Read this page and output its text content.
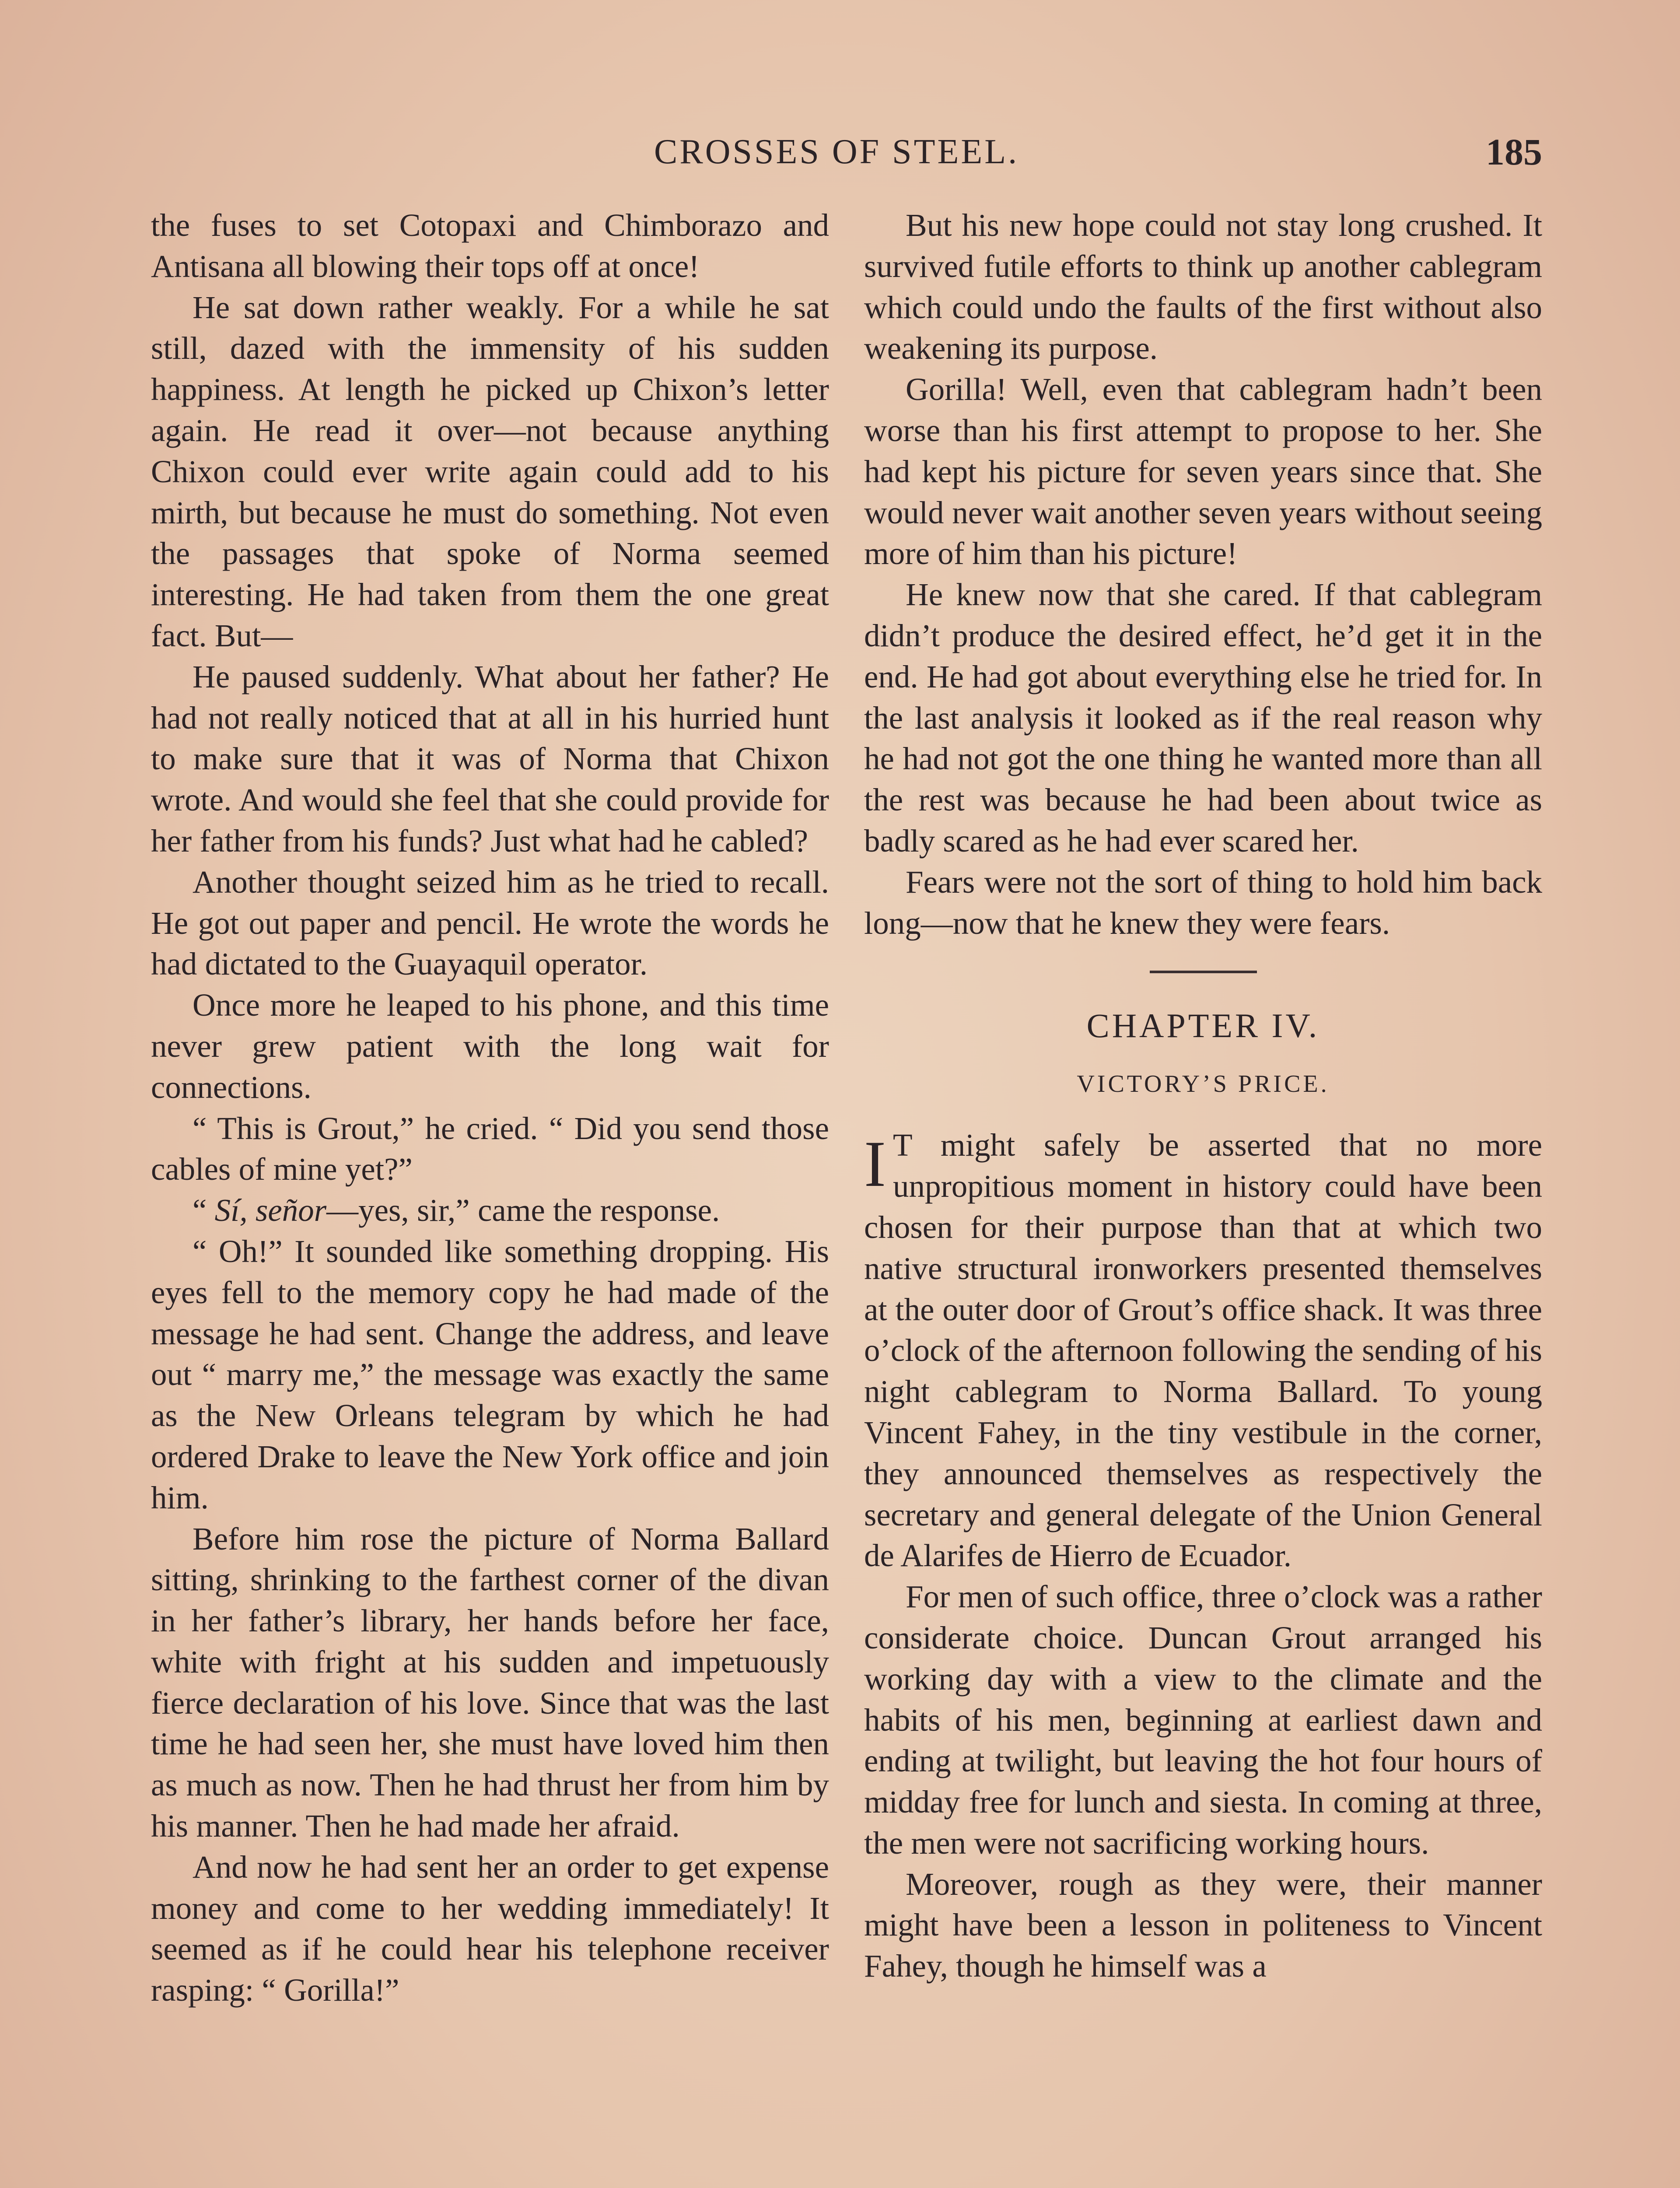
CROSSES OF STEEL.	185

the fuses to set Cotopaxi and Chimborazo and Antisana all blowing their tops off at once!

He sat down rather weakly. For a while he sat still, dazed with the immensity of his sudden happiness. At length he picked up Chixon’s letter again. He read it over—not because anything Chixon could ever write again could add to his mirth, but because he must do something. Not even the passages that spoke of Norma seemed interesting. He had taken from them the one great fact. But—

He paused suddenly. What about her father? He had not really noticed that at all in his hurried hunt to make sure that it was of Norma that Chixon wrote. And would she feel that she could provide for her father from his funds? Just what had he cabled?

Another thought seized him as he tried to recall. He got out paper and pencil. He wrote the words he had dictated to the Guayaquil operator.

Once more he leaped to his phone, and this time never grew patient with the long wait for connections.

“ This is Grout,” he cried. “ Did you send those cables of mine yet?”

“ Sí, señor—yes, sir,” came the response.

“ Oh!” It sounded like something dropping. His eyes fell to the memory copy he had made of the message he had sent. Change the address, and leave out “ marry me,” the message was exactly the same as the New Orleans telegram by which he had ordered Drake to leave the New York office and join him.

Before him rose the picture of Norma Ballard sitting, shrinking to the farthest corner of the divan in her father’s library, her hands before her face, white with fright at his sudden and impetuously fierce declaration of his love. Since that was the last time he had seen her, she must have loved him then as much as now. Then he had thrust her from him by his manner. Then he had made her afraid.

And now he had sent her an order to get expense money and come to her wedding immediately! It seemed as if he could hear his telephone receiver rasping: “ Gorilla!”

But his new hope could not stay long crushed. It survived futile efforts to think up another cablegram which could undo the faults of the first without also weakening its purpose.

Gorilla! Well, even that cablegram hadn’t been worse than his first attempt to propose to her. She had kept his picture for seven years since that. She would never wait another seven years without seeing more of him than his picture!

He knew now that she cared. If that cablegram didn’t produce the desired effect, he’d get it in the end. He had got about everything else he tried for. In the last analysis it looked as if the real reason why he had not got the one thing he wanted more than all the rest was because he had been about twice as badly scared as he had ever scared her.

Fears were not the sort of thing to hold him back long—now that he knew they were fears.

CHAPTER IV.
VICTORY’S PRICE.

I T might safely be asserted that no more unpropitious moment in history could have been chosen for their purpose than that at which two native structural ironworkers presented themselves at the outer door of Grout’s office shack. It was three o’clock of the afternoon following the sending of his night cablegram to Norma Ballard. To young Vincent Fahey, in the tiny vestibule in the corner, they announced themselves as respectively the secretary and general delegate of the Union General de Alarifes de Hierro de Ecuador.

For men of such office, three o’clock was a rather considerate choice. Duncan Grout arranged his working day with a view to the climate and the habits of his men, beginning at earliest dawn and ending at twilight, but leaving the hot four hours of midday free for lunch and siesta. In coming at three, the men were not sacrificing working hours.

Moreover, rough as they were, their manner might have been a lesson in politeness to Vincent Fahey, though he himself was a
